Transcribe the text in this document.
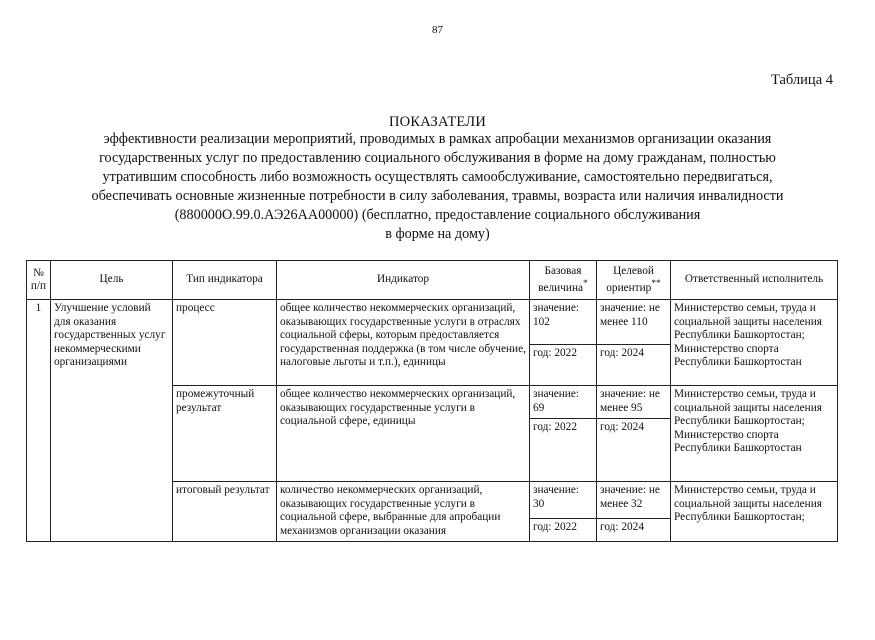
87
Таблица 4
ПОКАЗАТЕЛИ
эффективности реализации мероприятий, проводимых в рамках апробации механизмов организации оказания
государственных услуг по предоставлению социального обслуживания в форме на дому гражданам, полностью
утратившим способность либо возможность осуществлять самообслуживание, самостоятельно передвигаться,
обеспечивать основные жизненные потребности в силу заболевания, травмы, возраста или наличия инвалидности
(880000О.99.0.АЭ26АА00000) (бесплатно, предоставление социального обслуживания
в форме на дому)
№ п/п	Цель	Тип индикатора	Индикатор	Базовая величина*	Целевой ориентир**	Ответственный исполнитель
1	Улучшение условий для оказания государственных услуг некоммерческими организациями	процесс	общее количество некоммерческих организаций, оказывающих государственные услуги в отраслях социальной сферы, которым предоставляется государственная поддержка (в том числе обучение, налоговые льготы и т.п.), единицы	значение: 102	значение: не менее 110	Министерство семьи, труда и социальной защиты населения Республики Башкортостан; Министерство спорта Республики Башкортостан
				год: 2022	год: 2024	
		промежуточный результат	общее количество некоммерческих организаций, оказывающих государственные услуги в социальной сфере, единицы	значение: 69	значение: не менее 95	Министерство семьи, труда и социальной защиты населения Республики Башкортостан; Министерство спорта Республики Башкортостан
				год: 2022	год: 2024	
		итоговый результат	количество некоммерческих организаций, оказывающих государственные услуги в социальной сфере, выбранные для апробации механизмов организации оказания	значение: 30	значение: не менее 32	Министерство семьи, труда и социальной защиты населения Республики Башкортостан;
				год: 2022	год: 2024	
